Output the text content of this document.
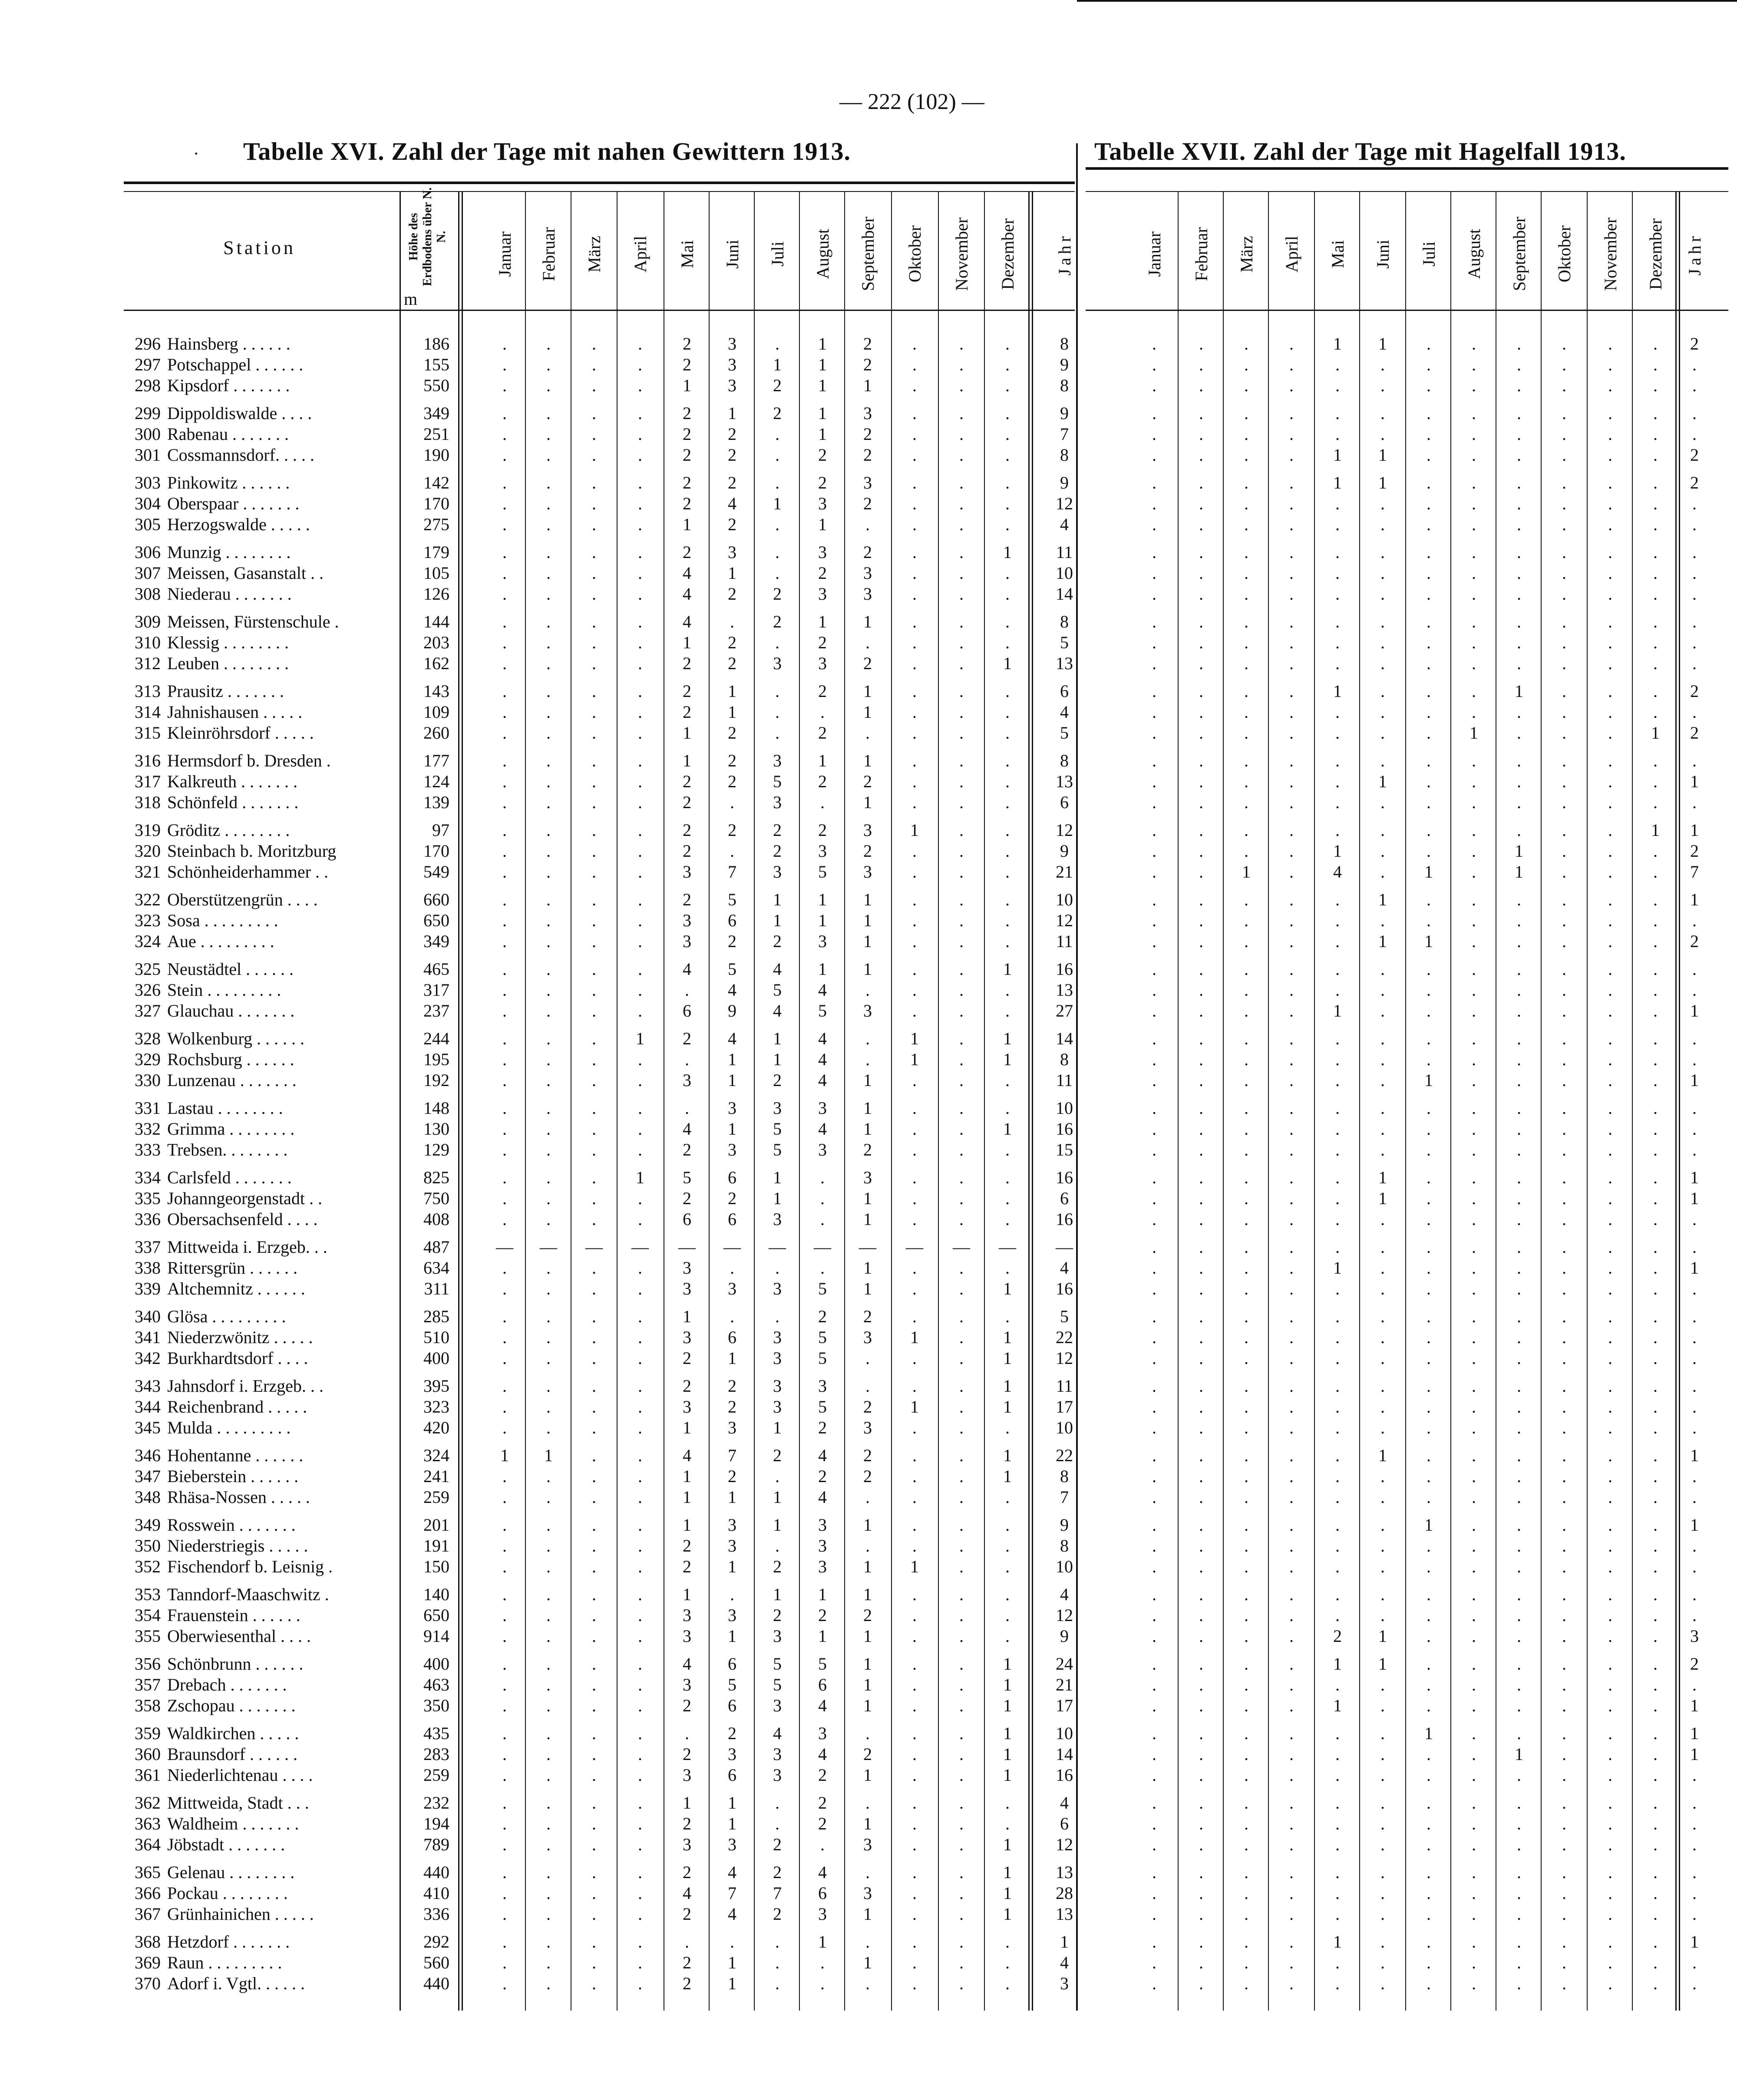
— 222 (102) —
· Tabelle XVI. Zahl der Tage mit nahen Gewittern 1913.	Tabelle XVII. Zahl der Tage mit Hagelfall 1913.
Station	Höhe des Erdbodens über N. N.
m
Januar Februar März April Mai Juni Juli August September Oktober November Dezember Jahr	Januar Februar März April Mai Juni Juli August September Oktober November Dezember Jahr
296 Hainsberg . . . . . .	186	.	.	.	.	2	3	.	1	2	.	.	.	8	.	.	.	.	1	1	.	.	.	.	.	.	2
297 Potschappel . . . . . .	155	.	.	.	.	2	3	1	1	2	.	.	.	9	.	.	.	.	.	.	.	.	.	.	.	.	.
298 Kipsdorf . . . . . . .	550	.	.	.	.	1	3	2	1	1	.	.	.	8	.	.	.	.	.	.	.	.	.	.	.	.	.
299 Dippoldiswalde . . . .	349	.	.	.	.	2	1	2	1	3	.	.	.	9	.	.	.	.	.	.	.	.	.	.	.	.	.
300 Rabenau . . . . . . .	251	.	.	.	.	2	2	.	1	2	.	.	.	7	.	.	.	.	.	.	.	.	.	.	.	.	.
301 Cossmannsdorf. . . . .	190	.	.	.	.	2	2	.	2	2	.	.	.	8	.	.	.	.	1	1	.	.	.	.	.	.	2
303 Pinkowitz . . . . . .	142	.	.	.	.	2	2	.	2	3	.	.	.	9	.	.	.	.	1	1	.	.	.	.	.	.	2
304 Oberspaar . . . . . . .	170	.	.	.	.	2	4	1	3	2	.	.	.	12	.	.	.	.	.	.	.	.	.	.	.	.	.
305 Herzogswalde . . . . .	275	.	.	.	.	1	2	.	1	.	.	.	.	4	.	.	.	.	.	.	.	.	.	.	.	.	.
306 Munzig . . . . . . . .	179	.	.	.	.	2	3	.	3	2	.	.	1	11	.	.	.	.	.	.	.	.	.	.	.	.	.
307 Meissen, Gasanstalt . .	105	.	.	.	.	4	1	.	2	3	.	.	.	10	.	.	.	.	.	.	.	.	.	.	.	.	.
308 Niederau . . . . . . .	126	.	.	.	.	4	2	2	3	3	.	.	.	14	.	.	.	.	.	.	.	.	.	.	.	.	.
309 Meissen, Fürstenschule .	144	.	.	.	.	4	.	2	1	1	.	.	.	8	.	.	.	.	.	.	.	.	.	.	.	.	.
310 Klessig . . . . . . . .	203	.	.	.	.	1	2	.	2	.	.	.	.	5	.	.	.	.	.	.	.	.	.	.	.	.	.
312 Leuben . . . . . . . .	162	.	.	.	.	2	2	3	3	2	.	.	1	13	.	.	.	.	.	.	.	.	.	.	.	.	.
313 Prausitz . . . . . . .	143	.	.	.	.	2	1	.	2	1	.	.	.	6	.	.	.	.	1	.	.	.	1	.	.	.	2
314 Jahnishausen . . . . .	109	.	.	.	.	2	1	.	.	1	.	.	.	4	.	.	.	.	.	.	.	.	.	.	.	.	.
315 Kleinröhrsdorf . . . . .	260	.	.	.	.	1	2	.	2	.	.	.	.	5	.	.	.	.	.	.	.	1	.	.	.	1	2
316 Hermsdorf b. Dresden .	177	.	.	.	.	1	2	3	1	1	.	.	.	8	.	.	.	.	.	.	.	.	.	.	.	.	.
317 Kalkreuth . . . . . . .	124	.	.	.	.	2	2	5	2	2	.	.	.	13	.	.	.	.	.	1	.	.	.	.	.	.	1
318 Schönfeld . . . . . . .	139	.	.	.	.	2	.	3	.	1	.	.	.	6	.	.	.	.	.	.	.	.	.	.	.	.	.
319 Gröditz . . . . . . . .	97	.	.	.	.	2	2	2	2	3	1	.	.	12	.	.	.	.	.	.	.	.	.	.	.	1	1
320 Steinbach b. Moritzburg	170	.	.	.	.	2	.	2	3	2	.	.	.	9	.	.	.	.	1	.	.	.	1	.	.	.	2
321 Schönheiderhammer . .	549	.	.	.	.	3	7	3	5	3	.	.	.	21	.	.	1	.	4	.	1	.	1	.	.	.	7
322 Oberstützengrün . . . .	660	.	.	.	.	2	5	1	1	1	.	.	.	10	.	.	.	.	.	1	.	.	.	.	.	.	1
323 Sosa . . . . . . . . .	650	.	.	.	.	3	6	1	1	1	.	.	.	12	.	.	.	.	.	.	.	.	.	.	.	.	.
324 Aue . . . . . . . . .	349	.	.	.	.	3	2	2	3	1	.	.	.	11	.	.	.	.	.	1	1	.	.	.	.	.	2
325 Neustädtel . . . . . .	465	.	.	.	.	4	5	4	1	1	.	.	1	16	.	.	.	.	.	.	.	.	.	.	.	.	.
326 Stein . . . . . . . . .	317	.	.	.	.	.	4	5	4	.	.	.	.	13	.	.	.	.	.	.	.	.	.	.	.	.	.
327 Glauchau . . . . . . .	237	.	.	.	.	6	9	4	5	3	.	.	.	27	.	.	.	.	1	.	.	.	.	.	.	.	1
328 Wolkenburg . . . . . .	244	.	.	.	1	2	4	1	4	.	1	.	1	14	.	.	.	.	.	.	.	.	.	.	.	.	.
329 Rochsburg . . . . . .	195	.	.	.	.	.	1	1	4	.	1	.	1	8	.	.	.	.	.	.	.	.	.	.	.	.	.
330 Lunzenau . . . . . . .	192	.	.	.	.	3	1	2	4	1	.	.	.	11	.	.	.	.	.	.	1	.	.	.	.	.	1
331 Lastau . . . . . . . .	148	.	.	.	.	.	3	3	3	1	.	.	.	10	.	.	.	.	.	.	.	.	.	.	.	.	.
332 Grimma . . . . . . . .	130	.	.	.	.	4	1	5	4	1	.	.	1	16	.	.	.	.	.	.	.	.	.	.	.	.	.
333 Trebsen. . . . . . . .	129	.	.	.	.	2	3	5	3	2	.	.	.	15	.	.	.	.	.	.	.	.	.	.	.	.	.
334 Carlsfeld . . . . . . .	825	.	.	.	1	5	6	1	.	3	.	.	.	16	.	.	.	.	.	1	.	.	.	.	.	.	1
335 Johanngeorgenstadt . .	750	.	.	.	.	2	2	1	.	1	.	.	.	6	.	.	.	.	.	1	.	.	.	.	.	.	1
336 Obersachsenfeld . . . .	408	.	.	.	.	6	6	3	.	1	.	.	.	16	.	.	.	.	.	.	.	.	.	.	.	.	.
337 Mittweida i. Erzgeb. . .	487	—	—	—	—	—	—	—	—	—	—	—	—	—	.	.	.	.	.	.	.	.	.	.	.	.	.
338 Rittersgrün . . . . . .	634	.	.	.	.	3	.	.	.	1	.	.	.	4	.	.	.	.	1	.	.	.	.	.	.	.	1
339 Altchemnitz . . . . . .	311	.	.	.	.	3	3	3	5	1	.	.	1	16	.	.	.	.	.	.	.	.	.	.	.	.	.
340 Glösa . . . . . . . . .	285	.	.	.	.	1	.	.	2	2	.	.	.	5	.	.	.	.	.	.	.	.	.	.	.	.	.
341 Niederzwönitz . . . . .	510	.	.	.	.	3	6	3	5	3	1	.	1	22	.	.	.	.	.	.	.	.	.	.	.	.	.
342 Burkhardtsdorf . . . .	400	.	.	.	.	2	1	3	5	.	.	.	1	12	.	.	.	.	.	.	.	.	.	.	.	.	.
343 Jahnsdorf i. Erzgeb. . .	395	.	.	.	.	2	2	3	3	.	.	.	1	11	.	.	.	.	.	.	.	.	.	.	.	.	.
344 Reichenbrand . . . . .	323	.	.	.	.	3	2	3	5	2	1	.	1	17	.	.	.	.	.	.	.	.	.	.	.	.	.
345 Mulda . . . . . . . . .	420	.	.	.	.	1	3	1	2	3	.	.	.	10	.	.	.	.	.	.	.	.	.	.	.	.	.
346 Hohentanne . . . . . .	324	1	1	.	.	4	7	2	4	2	.	.	1	22	.	.	.	.	.	1	.	.	.	.	.	.	1
347 Bieberstein . . . . . .	241	.	.	.	.	1	2	.	2	2	.	.	1	8	.	.	.	.	.	.	.	.	.	.	.	.	.
348 Rhäsa-Nossen . . . . .	259	.	.	.	.	1	1	1	4	.	.	.	.	7	.	.	.	.	.	.	.	.	.	.	.	.	.
349 Rosswein . . . . . . .	201	.	.	.	.	1	3	1	3	1	.	.	.	9	.	.	.	.	.	.	1	.	.	.	.	.	1
350 Niederstriegis . . . . .	191	.	.	.	.	2	3	.	3	.	.	.	.	8	.	.	.	.	.	.	.	.	.	.	.	.	.
352 Fischendorf b. Leisnig .	150	.	.	.	.	2	1	2	3	1	1	.	.	10	.	.	.	.	.	.	.	.	.	.	.	.	.
353 Tanndorf-Maaschwitz .	140	.	.	.	.	1	.	1	1	1	.	.	.	4	.	.	.	.	.	.	.	.	.	.	.	.	.
354 Frauenstein . . . . . .	650	.	.	.	.	3	3	2	2	2	.	.	.	12	.	.	.	.	.	.	.	.	.	.	.	.	.
355 Oberwiesenthal . . . .	914	.	.	.	.	3	1	3	1	1	.	.	.	9	.	.	.	.	2	1	.	.	.	.	.	.	3
356 Schönbrunn . . . . . .	400	.	.	.	.	4	6	5	5	1	.	.	1	24	.	.	.	.	1	1	.	.	.	.	.	.	2
357 Drebach . . . . . . .	463	.	.	.	.	3	5	5	6	1	.	.	1	21	.	.	.	.	.	.	.	.	.	.	.	.	.
358 Zschopau . . . . . . .	350	.	.	.	.	2	6	3	4	1	.	.	1	17	.	.	.	.	1	.	.	.	.	.	.	.	1
359 Waldkirchen . . . . .	435	.	.	.	.	.	2	4	3	.	.	.	1	10	.	.	.	.	.	.	1	.	.	.	.	.	1
360 Braunsdorf . . . . . .	283	.	.	.	.	2	3	3	4	2	.	.	1	14	.	.	.	.	.	.	.	.	1	.	.	.	1
361 Niederlichtenau . . . .	259	.	.	.	.	3	6	3	2	1	.	.	1	16	.	.	.	.	.	.	.	.	.	.	.	.	.
362 Mittweida, Stadt . . .	232	.	.	.	.	1	1	.	2	.	.	.	.	4	.	.	.	.	.	.	.	.	.	.	.	.	.
363 Waldheim . . . . . . .	194	.	.	.	.	2	1	.	2	1	.	.	.	6	.	.	.	.	.	.	.	.	.	.	.	.	.
364 Jöbstadt . . . . . . .	789	.	.	.	.	3	3	2	.	3	.	.	1	12	.	.	.	.	.	.	.	.	.	.	.	.	.
365 Gelenau . . . . . . . .	440	.	.	.	.	2	4	2	4	.	.	.	1	13	.	.	.	.	.	.	.	.	.	.	.	.	.
366 Pockau . . . . . . . .	410	.	.	.	.	4	7	7	6	3	.	.	1	28	.	.	.	.	.	.	.	.	.	.	.	.	.
367 Grünhainichen . . . . .	336	.	.	.	.	2	4	2	3	1	.	.	1	13	.	.	.	.	.	.	.	.	.	.	.	.	.
368 Hetzdorf . . . . . . .	292	.	.	.	.	.	.	.	1	.	.	.	.	1	.	.	.	.	1	.	.	.	.	.	.	.	1
369 Raun . . . . . . . . .	560	.	.	.	.	2	1	.	.	1	.	.	.	4	.	.	.	.	.	.	.	.	.	.	.	.	.
370 Adorf i. Vgtl. . . . . .	440	.	.	.	.	2	1	.	.	.	.	.	.	3	.	.	.	.	.	.	.	.	.	.	.	.	.
